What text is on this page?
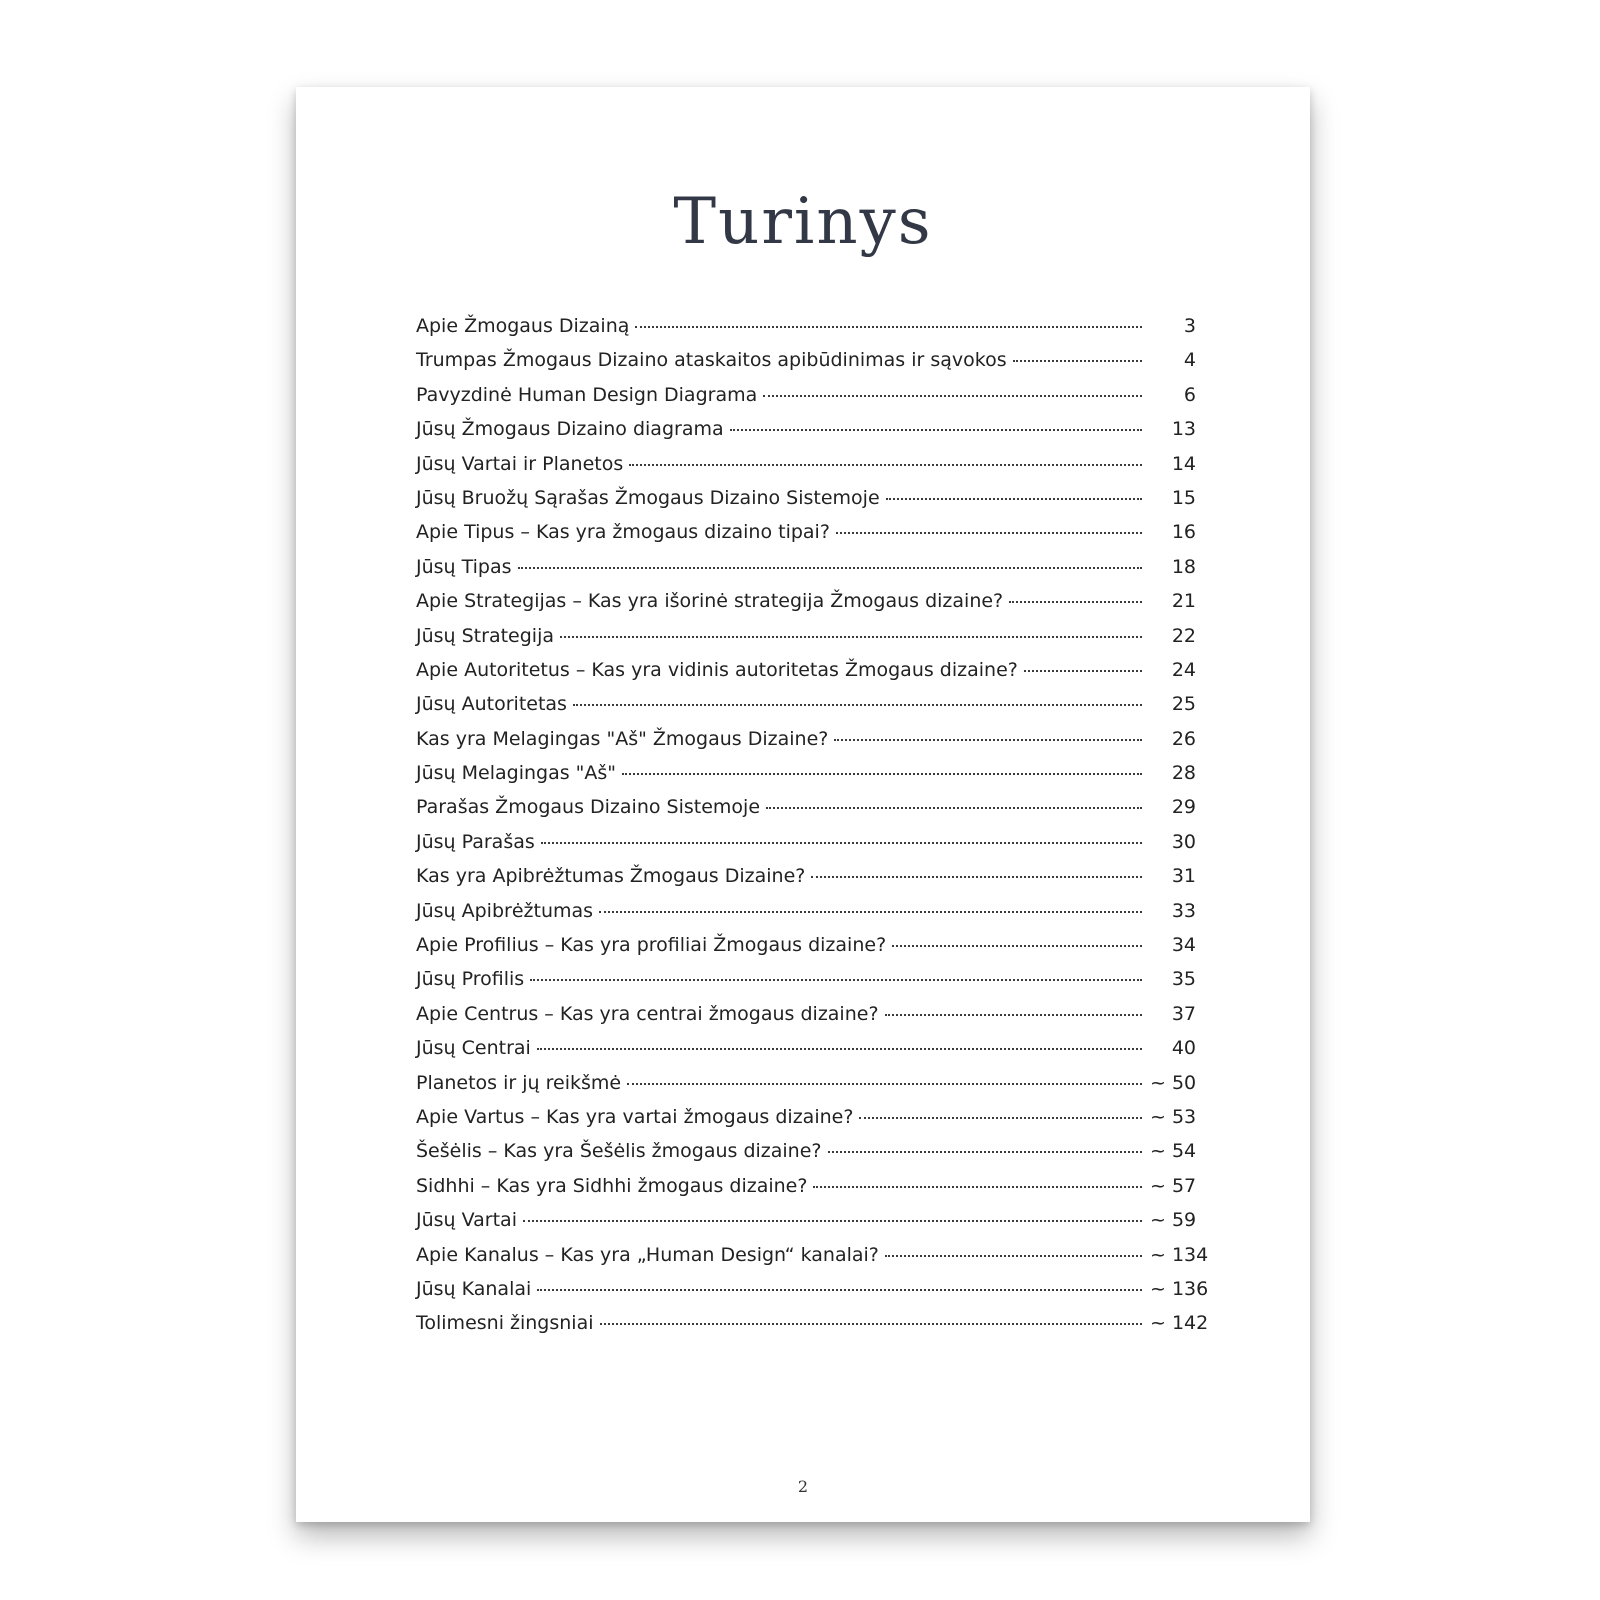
Turinys
Apie Žmogaus Dizainą	3
Trumpas Žmogaus Dizaino ataskaitos apibūdinimas ir sąvokos	4
Pavyzdinė Human Design Diagrama	6
Jūsų Žmogaus Dizaino diagrama	13
Jūsų Vartai ir Planetos	14
Jūsų Bruožų Sąrašas Žmogaus Dizaino Sistemoje	15
Apie Tipus – Kas yra žmogaus dizaino tipai?	16
Jūsų Tipas	18
Apie Strategijas – Kas yra išorinė strategija Žmogaus dizaine?	21
Jūsų Strategija	22
Apie Autoritetus – Kas yra vidinis autoritetas Žmogaus dizaine?	24
Jūsų Autoritetas	25
Kas yra Melagingas "Aš" Žmogaus Dizaine?	26
Jūsų Melagingas "Aš"	28
Parašas Žmogaus Dizaino Sistemoje	29
Jūsų Parašas	30
Kas yra Apibrėžtumas Žmogaus Dizaine?	31
Jūsų Apibrėžtumas	33
Apie Profilius – Kas yra profiliai Žmogaus dizaine?	34
Jūsų Profilis	35
Apie Centrus – Kas yra centrai žmogaus dizaine?	37
Jūsų Centrai	40
Planetos ir jų reikšmė	~ 50
Apie Vartus – Kas yra vartai žmogaus dizaine?	~ 53
Šešėlis – Kas yra Šešėlis žmogaus dizaine?	~ 54
Sidhhi – Kas yra Sidhhi žmogaus dizaine?	~ 57
Jūsų Vartai	~ 59
Apie Kanalus – Kas yra „Human Design“ kanalai?	~ 134
Jūsų Kanalai	~ 136
Tolimesni žingsniai	~ 142
2
